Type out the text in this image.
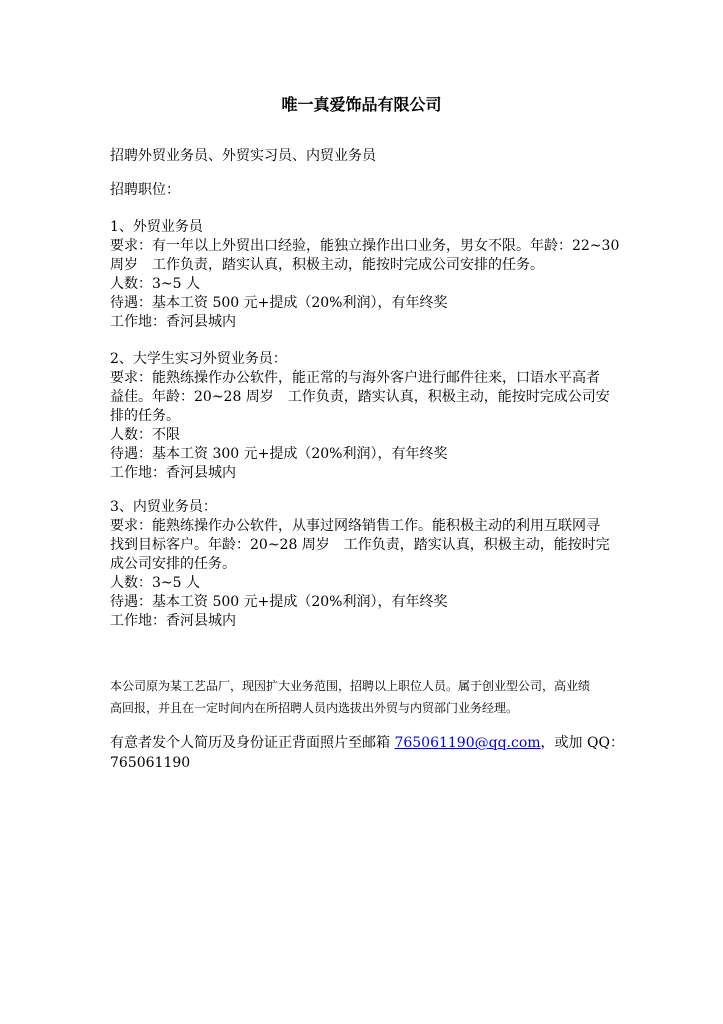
唯一真爱饰品有限公司
招聘外贸业务员、外贸实习员、内贸业务员
招聘职位：
1、外贸业务员
要求：有一年以上外贸出口经验，能独立操作出口业务，男女不限。年龄：22~30
周岁　工作负责，踏实认真，积极主动，能按时完成公司安排的任务。
人数：3~5 人
待遇：基本工资 500 元+提成（20%利润），有年终奖
工作地：香河县城内
2、大学生实习外贸业务员：
要求：能熟练操作办公软件，能正常的与海外客户进行邮件往来，口语水平高者
益佳。年龄：20~28 周岁　工作负责，踏实认真，积极主动，能按时完成公司安
排的任务。
人数：不限
待遇：基本工资 300 元+提成（20%利润），有年终奖
工作地：香河县城内
3、内贸业务员：
要求：能熟练操作办公软件，从事过网络销售工作。能积极主动的利用互联网寻
找到目标客户。年龄：20~28 周岁　工作负责，踏实认真，积极主动，能按时完
成公司安排的任务。
人数：3~5 人
待遇：基本工资 500 元+提成（20%利润），有年终奖
工作地：香河县城内
本公司原为某工艺品厂，现因扩大业务范围，招聘以上职位人员。属于创业型公司，高业绩
高回报，并且在一定时间内在所招聘人员内选拔出外贸与内贸部门业务经理。
有意者发个人简历及身份证正背面照片至邮箱 765061190@qq.com，或加 QQ：
765061190
